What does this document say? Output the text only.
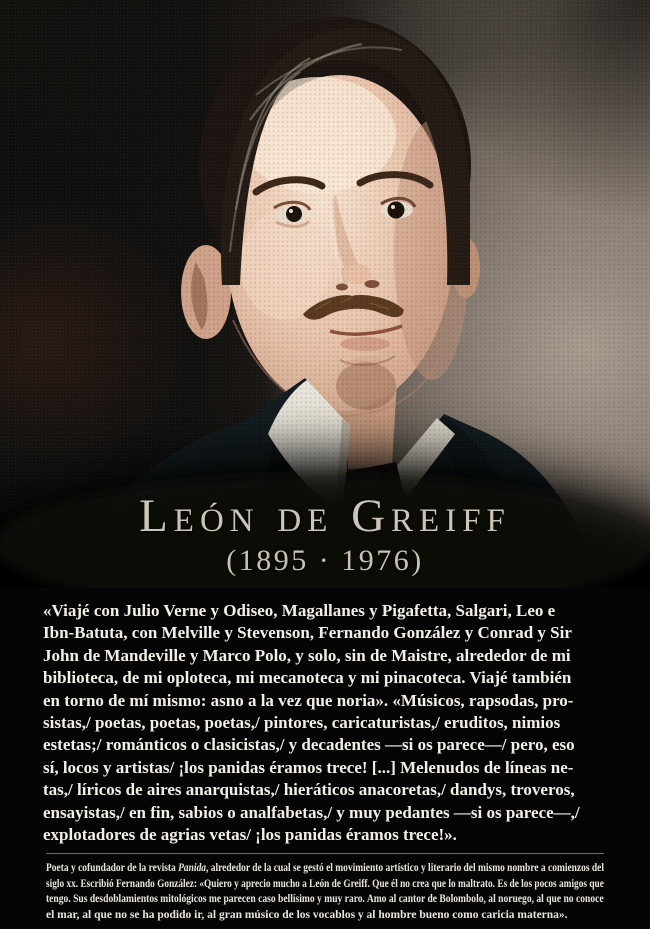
León de Greiff
(1895 · 1976)
«Viajé con Julio Verne y Odiseo, Magallanes y Pigafetta, Salgari, Leo e
Ibn-Batuta, con Melville y Stevenson, Fernando González y Conrad y Sir
John de Mandeville y Marco Polo, y solo, sin de Maistre, alrededor de mi
biblioteca, de mi oploteca, mi mecanoteca y mi pinacoteca. Viajé también
en torno de mí mismo: asno a la vez que noria». «Músicos, rapsodas, pro-
sistas,/ poetas, poetas, poetas,/ pintores, caricaturistas,/ eruditos, nimios
estetas;/ románticos o clasicistas,/ y decadentes —si os parece—/ pero, eso
sí, locos y artistas/ ¡los panidas éramos trece! [...] Melenudos de líneas ne-
tas,/ líricos de aires anarquistas,/ hieráticos anacoretas,/ dandys, troveros,
ensayistas,/ en fin, sabios o analfabetas,/ y muy pedantes —si os parece—,/
explotadores de agrias vetas/ ¡los panidas éramos trece!».
Poeta y cofundador de la revista Panida, alrededor de la cual se gestó el movimiento artístico y literario del mismo nombre a comienzos del
siglo xx. Escribió Fernando González: «Quiero y aprecio mucho a León de Greiff. Que él no crea que lo maltrato. Es de los pocos amigos que
tengo. Sus desdoblamientos mitológicos me parecen caso bellísimo y muy raro. Amo al cantor de Bolombolo, al noruego, al que no conoce
el mar, al que no se ha podido ir, al gran músico de los vocablos y al hombre bueno como caricia materna».
